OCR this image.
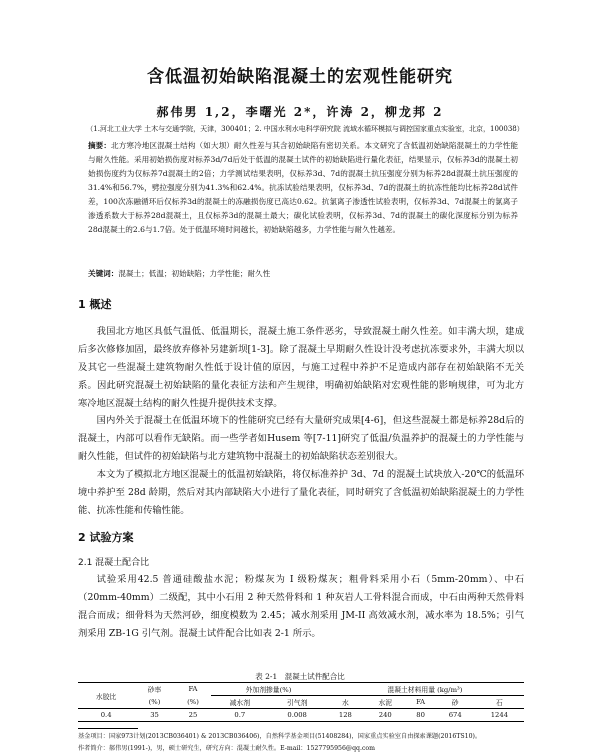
含低温初始缺陷混凝土的宏观性能研究
郝伟男 1,2，李曙光 2*，许涛 2，柳龙邦 2
（1.河北工业大学 土木与交通学院，天津，300401；2. 中国水利水电科学研究院 流域水循环模拟与调控国家重点实验室，北京，100038）
摘要：北方寒冷地区混凝土结构（如大坝）耐久性差与其含初始缺陷有密切关系。本文研究了含低温初始缺陷混凝土的力学性能与耐久性能。采用初始损伤度对标养3d/7d后处于低温的混凝土试件的初始缺陷进行量化表征，结果显示，仅标养3d的混凝土初始损伤度约为仅标养7d混凝土的2倍；力学测试结果表明，仅标养3d、7d的混凝土抗压强度分别为标养28d混凝土抗压强度的31.4%和56.7%，劈拉强度分别为41.3%和62.4%。抗冻试验结果表明，仅标养3d、7d的混凝土的抗冻性能均比标养28d试件差，100次冻融循环后仅标养3d的混凝土的冻融损伤度已高达0.62。抗氯离子渗透性试验表明，仅标养3d、7d混凝土的氯离子渗透系数大于标养28d混凝土，且仅标养3d的混凝土最大；碳化试验表明，仅标养3d、7d的混凝土的碳化深度标分别为标养28d混凝土的2.6与1.7倍。处于低温环境时间越长，初始缺陷越多，力学性能与耐久性越差。
关键词：混凝土；低温；初始缺陷；力学性能；耐久性
1 概述
我国北方地区具低气温低、低温期长，混凝土施工条件恶劣，导致混凝土耐久性差。如丰满大坝，建成后多次修修加固，最终放弃修补另建新坝[1-3]。除了混凝土早期耐久性设计没考虑抗冻要求外，丰满大坝以及其它一些混凝土建筑物耐久性低于设计值的原因，与施工过程中养护不足造成内部存在初始缺陷不无关系。因此研究混凝土初始缺陷的量化表征方法和产生规律，明确初始缺陷对宏观性能的影响规律，可为北方寒冷地区混凝土结构的耐久性提升提供技术支撑。
国内外关于混凝土在低温环境下的性能研究已经有大量研究成果[4-6]，但这些混凝土都是标养28d后的混凝土，内部可以看作无缺陷。而一些学者如Husem 等[7-11]研究了低温/负温养护的混凝土的力学性能与耐久性能，但试件的初始缺陷与北方建筑物中混凝土的初始缺陷状态差别很大。
本文为了模拟北方地区混凝土的低温初始缺陷，将仅标准养护 3d、7d 的混凝土试块放入-20℃的低温环境中养护至 28d 龄期，然后对其内部缺陷大小进行了量化表征，同时研究了含低温初始缺陷混凝土的力学性能、抗冻性能和传输性能。
2 试验方案
2.1 混凝土配合比
试验采用42.5 普通硅酸盐水泥；粉煤灰为 I 级粉煤灰；粗骨料采用小石（5mm-20mm）、中石（20mm-40mm）二级配，其中小石用 2 种天然骨料和 1 种灰岩人工骨料混合而成，中石由两种天然骨料混合而成；细骨料为天然河砂，细度模数为 2.45；减水剂采用 JM-II 高效减水剂，减水率为 18.5%；引气剂采用 ZB-1G 引气剂。混凝土试件配合比如表 2-1 所示。
表 2-1　混凝土试件配合比
水胶比	砂率	FA	外加剂掺量(%)		混凝土材料用量 (kg/m³)				
	(%)	(%)	减水剂	引气剂	水	水泥	FA	砂	石
0.4	35	25	0.7	0.008	128	240	80	674	1244
基金项目：国家973计划(2013CB036401) & 2013CB036406)，自然科学基金项目(51408284)，国家重点实验室自由探索课题(2016TS10)。
作者简介：郝伟男(1991-)，男，硕士研究生，研究方向：混凝土耐久性。E-mail：1527795956@qq.com
